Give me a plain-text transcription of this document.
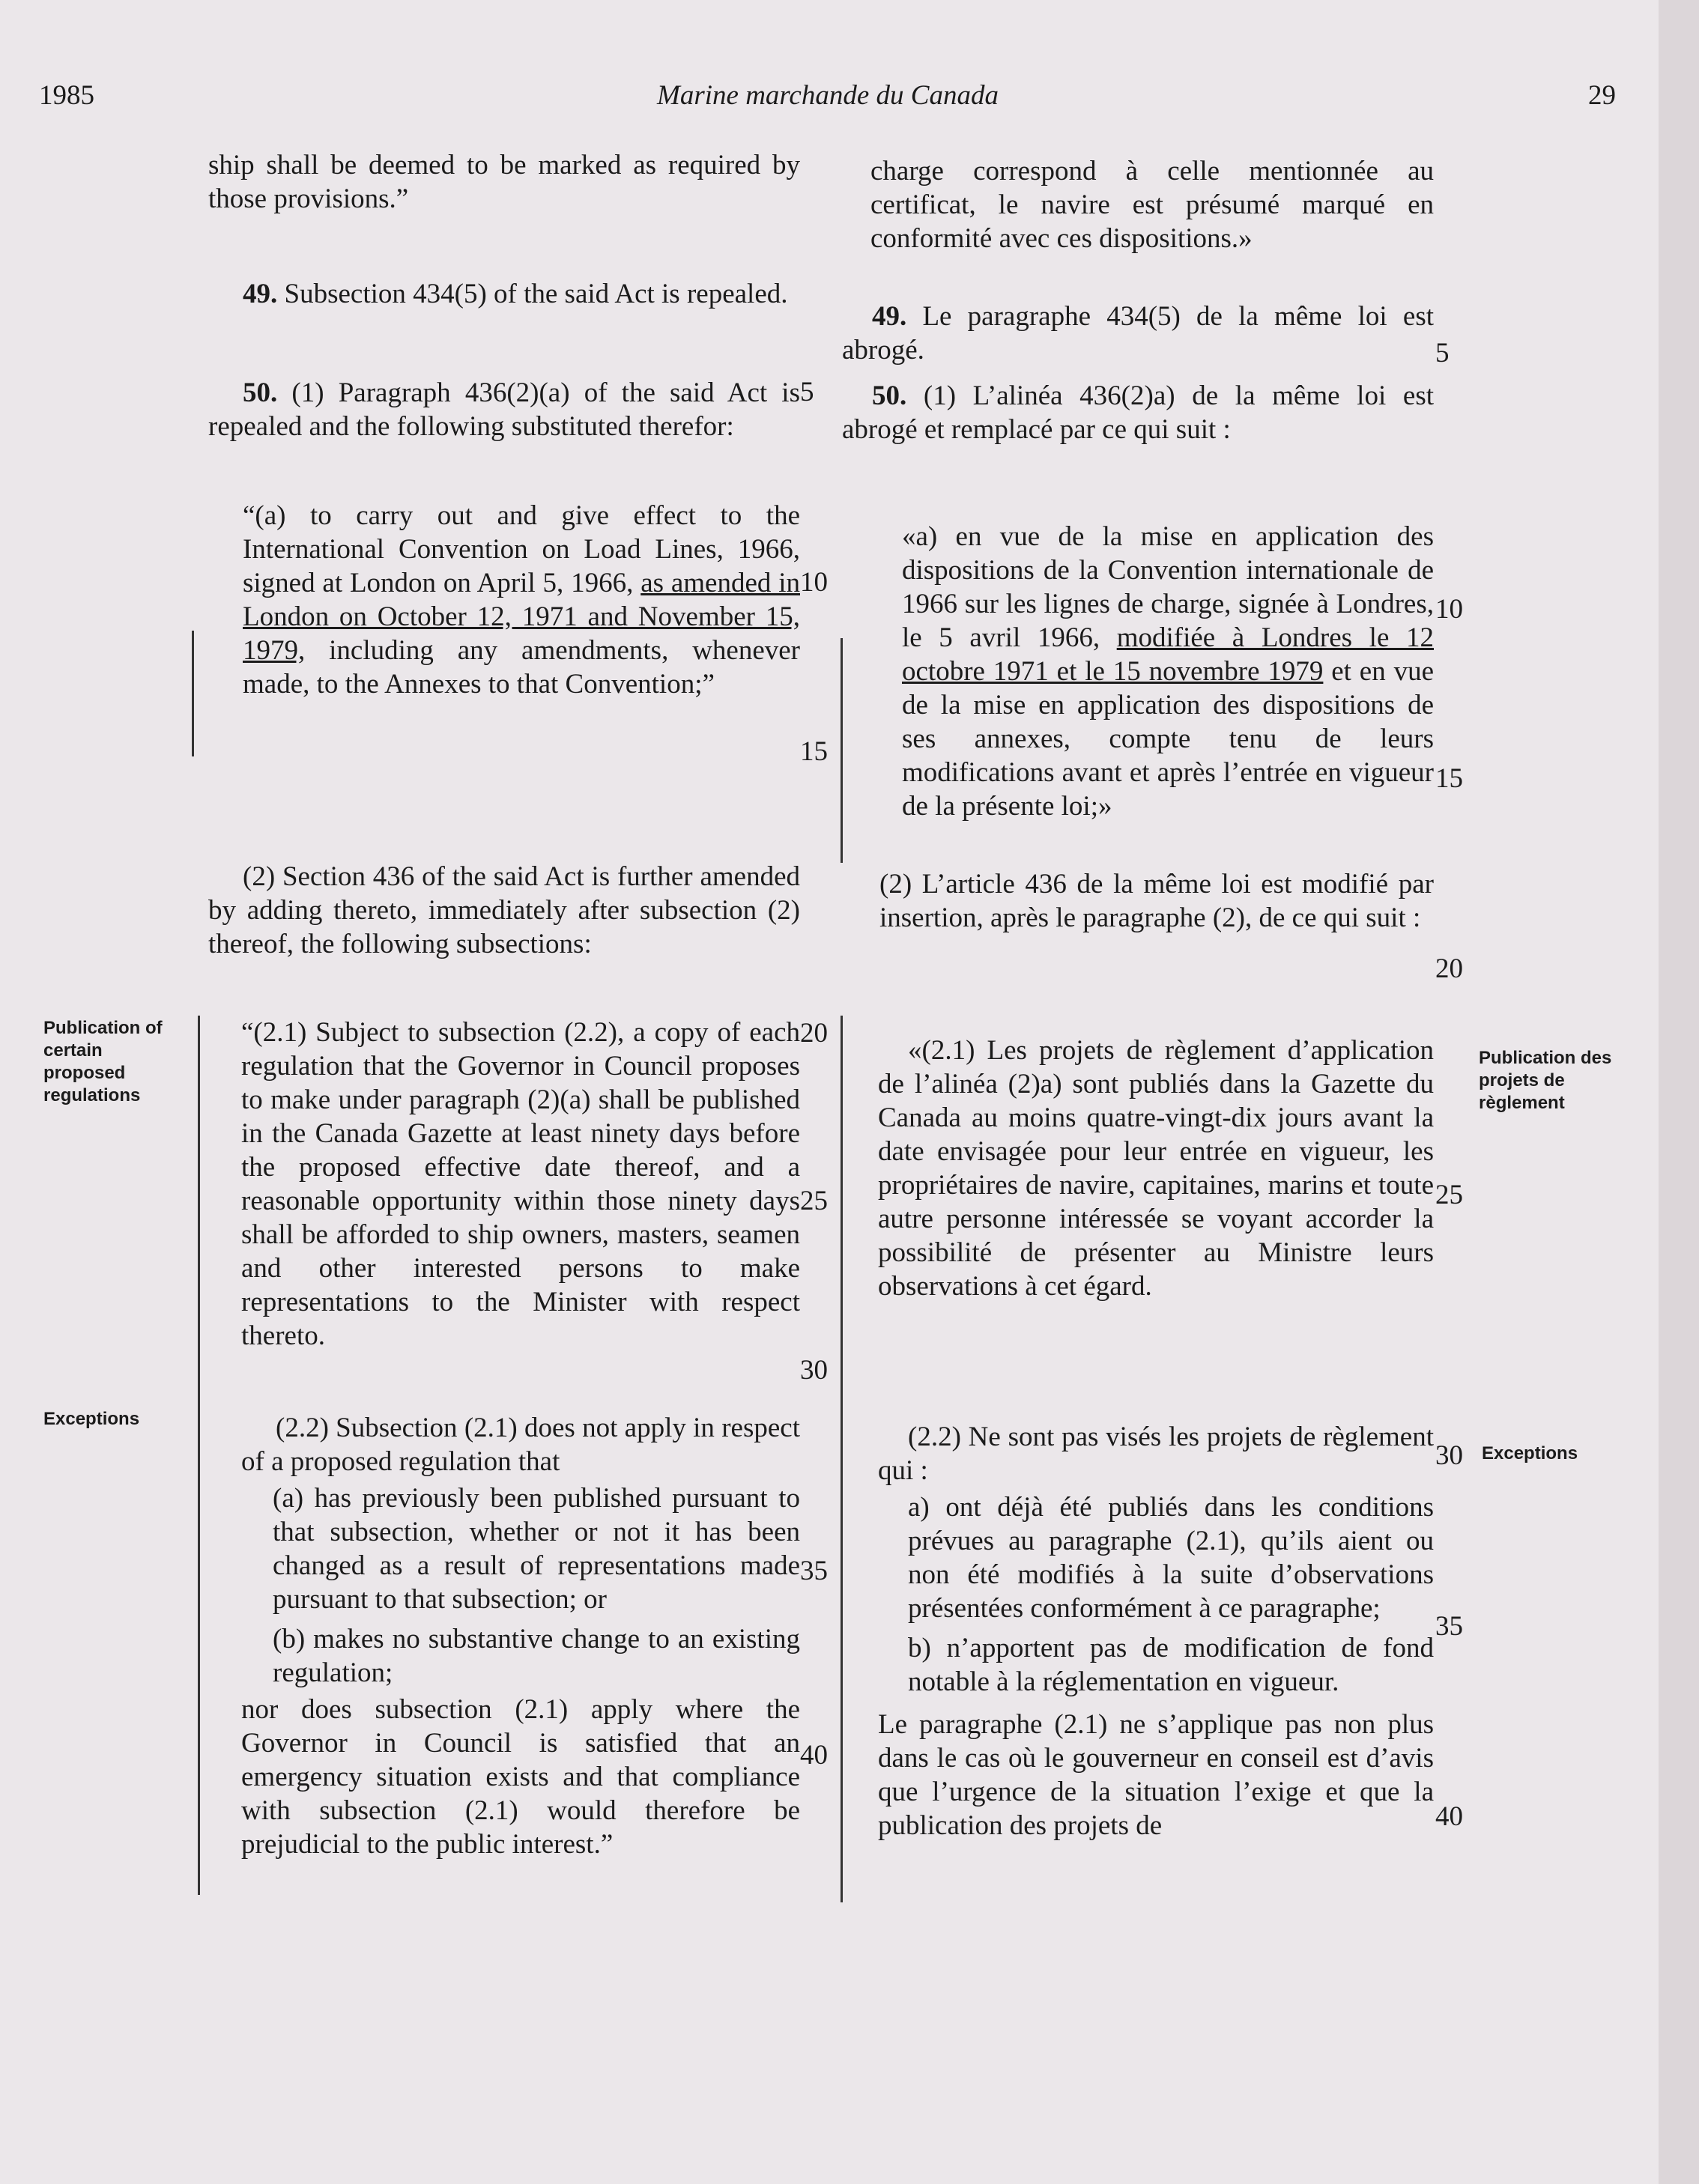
1985	Marine marchande du Canada	29

ship shall be deemed to be marked as required by those provisions.”

49. Subsection 434(5) of the said Act is repealed.

50. (1) Paragraph 436(2)(a) of the said Act is repealed and the following substituted therefor:

“(a) to carry out and give effect to the International Convention on Load Lines, 1966, signed at London on April 5, 1966, as amended in London on October 12, 1971 and November 15, 1979, including any amendments, whenever made, to the Annexes to that Convention;”

(2) Section 436 of the said Act is further amended by adding thereto, immediately after subsection (2) thereof, the following subsections:

“(2.1) Subject to subsection (2.2), a copy of each regulation that the Governor in Council proposes to make under paragraph (2)(a) shall be published in the Canada Gazette at least ninety days before the proposed effective date thereof, and a reasonable opportunity within those ninety days shall be afforded to ship owners, masters, seamen and other interested persons to make representations to the Minister with respect thereto.

(2.2) Subsection (2.1) does not apply in respect of a proposed regulation that

(a) has previously been published pursuant to that subsection, whether or not it has been changed as a result of representations made pursuant to that subsection; or

(b) makes no substantive change to an existing regulation;

nor does subsection (2.1) apply where the Governor in Council is satisfied that an emergency situation exists and that compliance with subsection (2.1) would therefore be prejudicial to the public interest.”

charge correspond à celle mentionnée au certificat, le navire est présumé marqué en conformité avec ces dispositions.»

49. Le paragraphe 434(5) de la même loi est abrogé.

50. (1) L’alinéa 436(2)a) de la même loi est abrogé et remplacé par ce qui suit :

«a) en vue de la mise en application des dispositions de la Convention internationale de 1966 sur les lignes de charge, signée à Londres, le 5 avril 1966, modifiée à Londres le 12 octobre 1971 et le 15 novembre 1979 et en vue de la mise en application des dispositions de ses annexes, compte tenu de leurs modifications avant et après l’entrée en vigueur de la présente loi;»

(2) L’article 436 de la même loi est modifié par insertion, après le paragraphe (2), de ce qui suit :

«(2.1) Les projets de règlement d’application de l’alinéa (2)a) sont publiés dans la Gazette du Canada au moins quatre-vingt-dix jours avant la date envisagée pour leur entrée en vigueur, les propriétaires de navire, capitaines, marins et toute autre personne intéressée se voyant accorder la possibilité de présenter au Ministre leurs observations à cet égard.

(2.2) Ne sont pas visés les projets de règlement qui :

a) ont déjà été publiés dans les conditions prévues au paragraphe (2.1), qu’ils aient ou non été modifiés à la suite d’observations présentées conformément à ce paragraphe;

b) n’apportent pas de modification de fond notable à la réglementation en vigueur.

Le paragraphe (2.1) ne s’applique pas non plus dans le cas où le gouverneur en conseil est d’avis que l’urgence de la situation l’exige et que la publication des projets de

5
10
15
20
25
30
35
40
5
10
15
20
25
30
35
40
Publication of certain proposed regulations
Exceptions
Publication des projets de règlement
Exceptions
